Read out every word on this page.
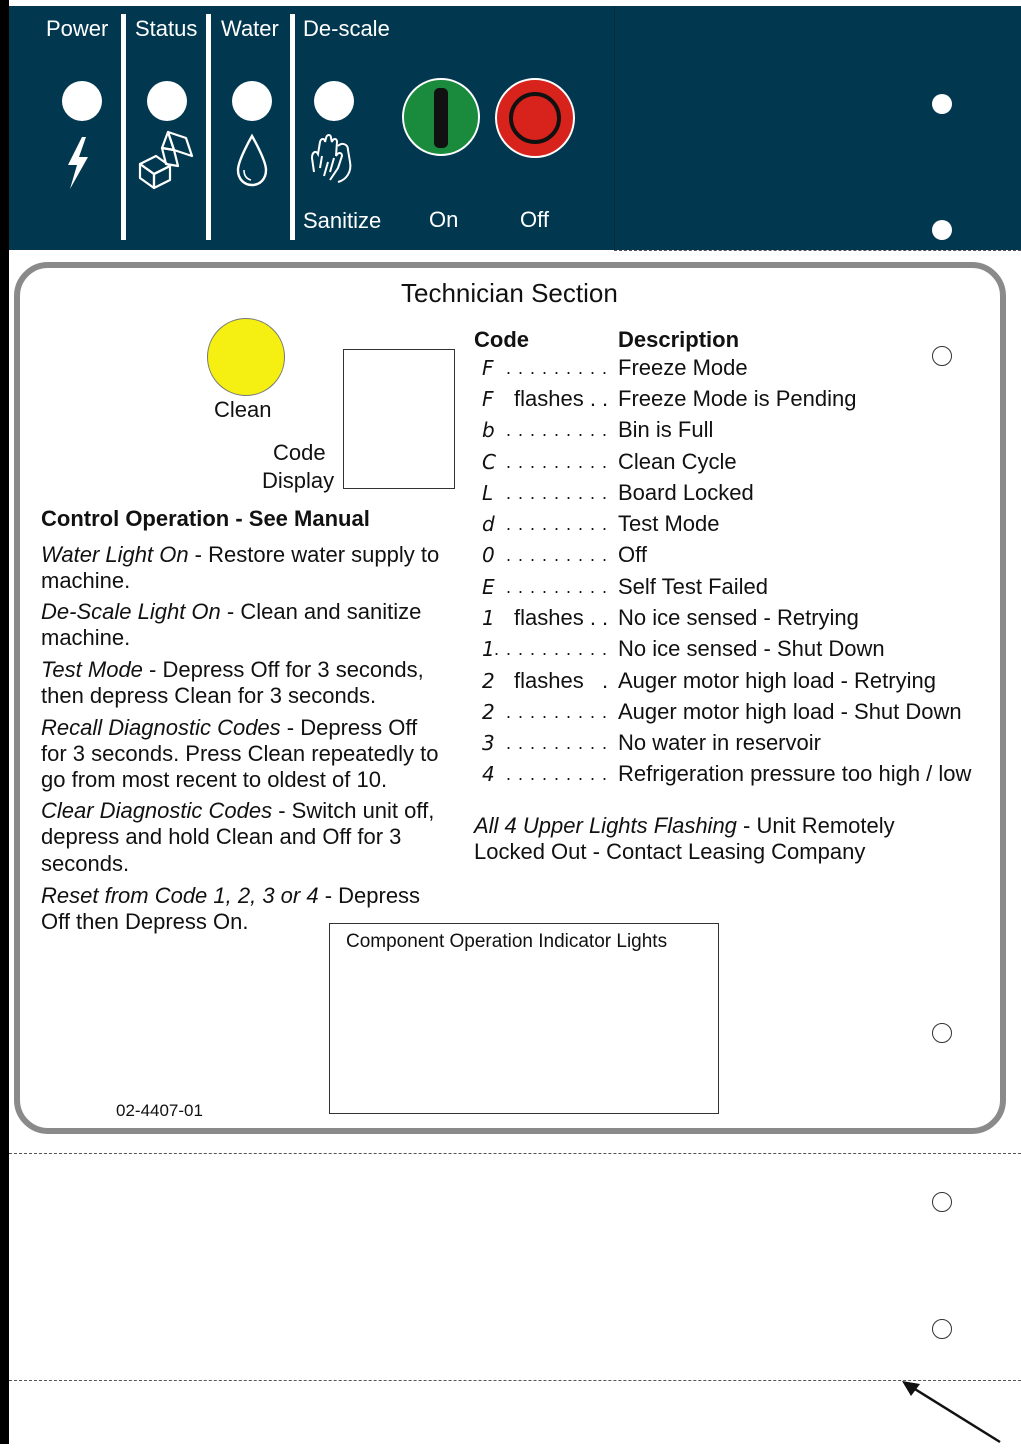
Power Status Water De-scale
Sanitize On	Off
Technician Section
Clean
Code
Display
Code	Description
F . . . . . . . . . Freeze Mode
F flashes . . Freeze Mode is Pending
b . . . . . . . . . Bin is Full
C . . . . . . . . . Clean Cycle
L . . . . . . . . . Board Locked
d . . . . . . . . . Test Mode
0 . . . . . . . . . Off
E . . . . . . . . . Self Test Failed
1 flashes . . No ice sensed - Retrying
1 . . . . . . . . . . No ice sensed - Shut Down
2 flashes   . Auger motor high load - Retrying
2 . . . . . . . . . Auger motor high load - Shut Down
3 . . . . . . . . . No water in reservoir
4 . . . . . . . . . Refrigeration pressure too high / low
All 4 Upper Lights Flashing - Unit Remotely
Locked Out - Contact Leasing Company
Control Operation - See Manual
Water Light On - Restore water supply to
machine.
De-Scale Light On - Clean and sanitize
machine.
Test Mode - Depress Off for 3 seconds,
then depress Clean for 3 seconds.
Recall Diagnostic Codes - Depress Off
for 3 seconds. Press Clean repeatedly to
go from most recent to oldest of 10.
Clear Diagnostic Codes - Switch unit off,
depress and hold Clean and Off for 3
seconds.
Reset from Code 1, 2, 3 or 4 - Depress
Off then Depress On.
Component Operation Indicator Lights
02-4407-01
